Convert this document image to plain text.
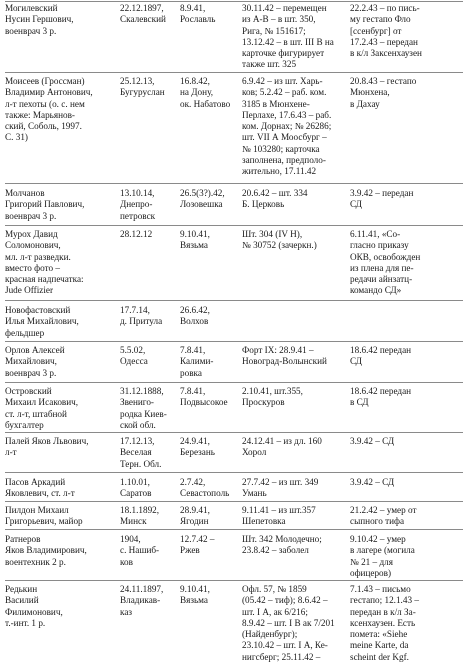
Могилевский
Нусин Гершович,
военврач 3 р.
22.12.1897,
Скалевский
8.9.41,
Рославль
30.11.42 – перемещен
из А-В – в шт. 350,
Рига, № 151617;
13.12.42 – в шт. III В на
карточке фигурирует
также шт. 325
22.2.43 – по пись-
му гестапо Фло
[ссенбург] от
17.2.43 – передан
в к/л Заксенхаузен
Моисеев (Гроссман)
Владимир Антонович,
л-т пехоты (о. с. нем
также: Марьянов-
ский, Соболь, 1997.
С. 31)
25.12.13,
Бугуруслан
16.8.42,
на Дону,
ок. Набатово
6.9.42 – из шт. Харь-
ков; 5.2.42 – раб. ком.
3185 в Мюнхене-
Перлахе, 17.6.43 – раб.
ком. Дорнах; № 26286;
шт. VII А Моосбург –
№ 103280; карточка
заполнена, предполо-
жительно, 17.11.42
20.8.43 – гестапо
Мюнхена,
в Дахау
Молчанов
Григорий Павлович,
военврач 3 р.
13.10.14,
Днепро-
петровск
26.5(3?).42,
Лозовешка
20.6.42 – шт. 334
Б. Церковь
3.9.42 – передан
СД
Мурох Давид
Соломонович,
мл. л-т разведки.
вместо фото –
красная надпечатка:
Jude Offizier
28.12.12	9.10.41,
Вязьма
Шт. 304 (IV H),
№ 30752 (зачеркн.)
6.11.41, «Со-
гласно приказу
ОКВ, освобожден
из плена для пе-
редачи айнзатц-
командо СД»
Новофастовский
Илья Михайлович,
фельдшер
17.7.14,
д. Притула
26.6.42,
Волхов
Орлов Алексей
Михайлович,
военврач 3 р.
5.5.02,
Одесса
7.8.41,
Калими-
ровка
Форт IX: 28.9.41 –
Новоград-Волынский
18.6.42 передан
СД
Островский
Михаил Исакович,
ст. л-т, штабной
бухгалтер
31.12.1888,
Звениго-
родка Киев-
ской обл.
7.8.41,
Подвысокое
2.10.41, шт.355,
Проскуров
18.6.42 передан
в СД
Палей Яков Львович,
л-т
17.12.13,
Веселая
Терн. Обл.
24.9.41,
Березань
24.12.41 – из дл. 160
Хорол
3.9.42 – СД
Пасов Аркадий
Яковлевич, ст. л-т
1.10.01,
Саратов
2.7.42,
Севастополь
27.7.42 – из шт. 349
Умань
3.9.42 – СД
Пилдон Михаил
Григорьевич, майор
18.1.1892,
Минск
28.9.41,
Ягодин
9.11.41 – из шт.357
Шепетовка
21.2.42 – умер от
сыпного тифа
Ратнеров
Яков Владимирович,
воентехник 2 р.
1904,
с. Нашиб-
ков
12.7.42 –
Ржев
Шт. 342 Молодечно;
23.8.42 – заболел
9.10.42 – умер
в лагере (могила
№ 21 – для
офицеров)
Редькин
Василий
Филимонович,
т.-инт. 1 р.
24.11.1897,
Владикав-
каз
9.10.41,
Вязьма
Офл. 57, № 1859
(05.42 – тиф); 8.6.42 –
шт. I А, ак 6/216;
8.9.42 – шт. I В ак 7/201
(Найденбург);
23.10.42 – шт. I А, Ке-
нигсберг; 25.11.42 –
7.1.43 – письмо
гестапо; 12.1.43 –
передан в к/л За-
ксенхаузен. Есть
помета: «Siehe
meine Karte, da
scheint der Kgf.
